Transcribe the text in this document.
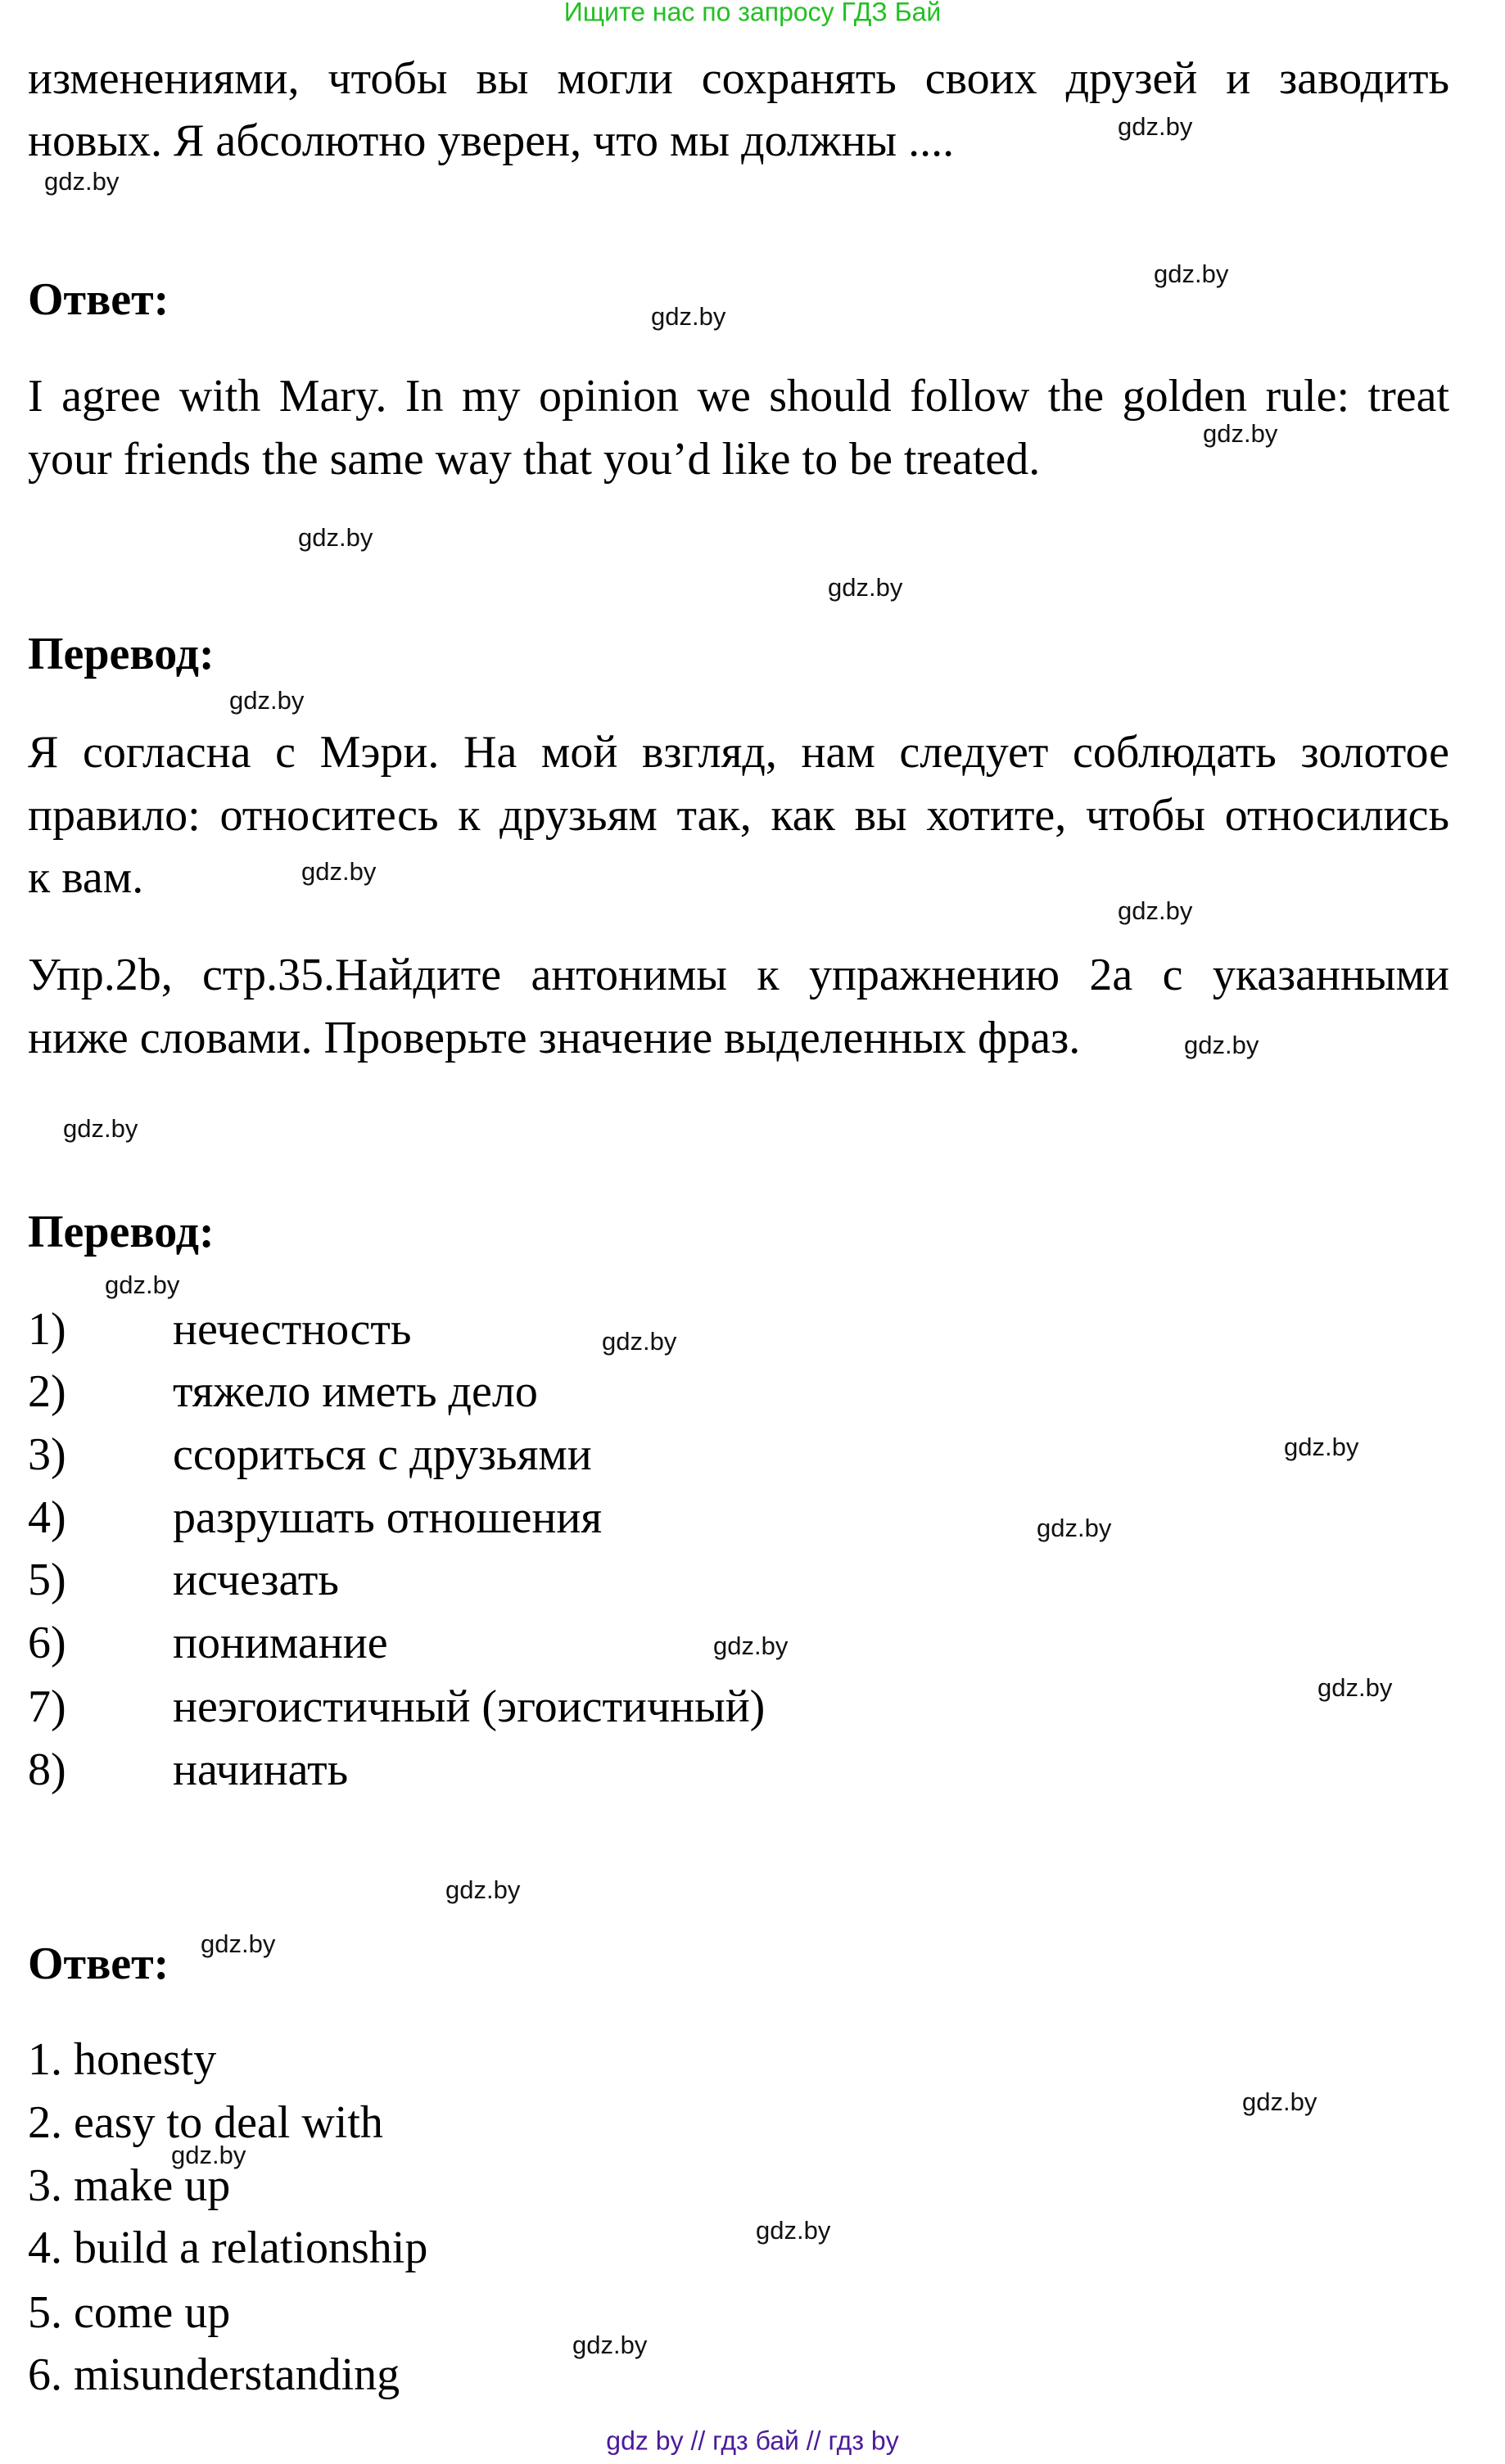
Ищите нас по запросу ГДЗ Бай
изменениями, чтобы вы могли сохранять своих друзей и заводить
новых. Я абсолютно уверен, что мы должны ....
Ответ:
I agree with Mary. In my opinion we should follow the golden rule: treat
your friends the same way that you’d like to be treated.
Перевод:
Я согласна с Мэри. На мой взгляд, нам следует соблюдать золотое
правило: относитесь к друзьям так, как вы хотите, чтобы относились
к вам.
Упр.2b, стр.35.Найдите антонимы к упражнению 2a с указанными
ниже словами. Проверьте значение выделенных фраз.
Перевод:
1) нечестность
2) тяжело иметь дело
3) ссориться с друзьями
4) разрушать отношения
5) исчезать
6) понимание
7) неэгоистичный (эгоистичный)
8) начинать
Ответ:
1. honesty
2. easy to deal with
3. make up
4. build a relationship
5. come up
6. misunderstanding
gdz.by
gdz.by
gdz.by
gdz.by
gdz.by
gdz.by
gdz.by
gdz.by
gdz.by
gdz.by
gdz.by
gdz.by
gdz.by
gdz.by
gdz.by
gdz.by
gdz.by
gdz.by
gdz.by
gdz.by
gdz.by
gdz.by
gdz.by
gdz.by
gdz by // гдз бай // гдз by
